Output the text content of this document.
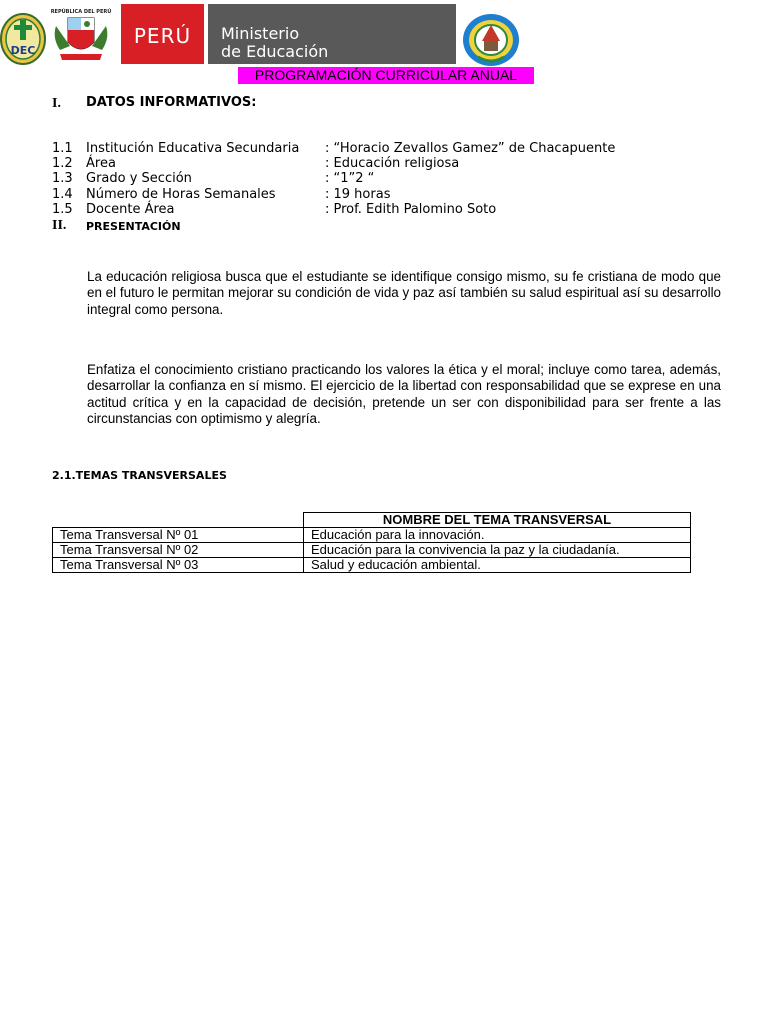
DEC
REPÚBLICA DEL PERÚ
PERÚ	Ministerio
de Educación
PROGRAMACIÓN CURRICULAR ANUAL
I. DATOS INFORMATIVOS:
1.1 Institución Educativa Secundaria : “Horacio Zevallos Gamez” de Chacapuente
1.2 Área	: Educación religiosa
1.3 Grado y Sección	: “1”2 “
1.4 Número de Horas Semanales	: 19 horas
1.5 Docente Área	: Prof. Edith Palomino Soto
II. PRESENTACIÓN

La educación religiosa busca que el estudiante se identifique consigo mismo, su fe cristiana de modo que en el futuro le permitan mejorar su condición de vida y paz así también su salud espiritual así su desarrollo integral como persona.

Enfatiza el conocimiento cristiano practicando los valores la ética y el moral; incluye como tarea, además, desarrollar la confianza en sí mismo. El ejercicio de la libertad con responsabilidad que se exprese en una actitud crítica y en la capacidad de decisión, pretende un ser con disponibilidad para ser frente a las circunstancias con optimismo y alegría.

2.1.TEMAS TRANSVERSALES
	NOMBRE DEL TEMA TRANSVERSAL
Tema Transversal Nº 01	Educación para la innovación.
Tema Transversal Nº 02	Educación para la convivencia la paz y la ciudadanía.
Tema Transversal Nº 03	Salud y educación ambiental.
